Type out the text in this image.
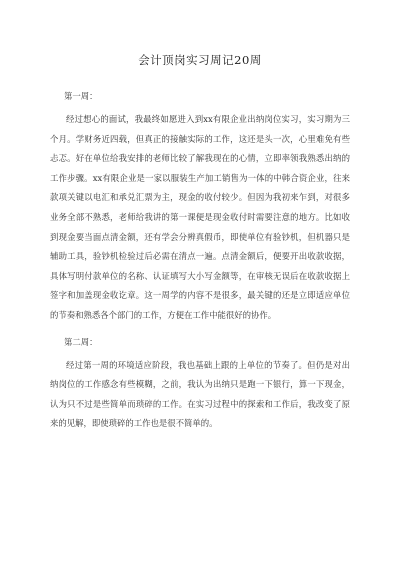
会计顶岗实习周记20周
第一周：

经过想心的面试，我最终如愿进入到xx有限企业出纳岗位实习，实习期为三个月。学财务近四载，但真正的接触实际的工作，这还是头一次，心里难免有些忐忑。好在单位给我安排的老师比较了解我现在的心情，立即率领我熟悉出纳的工作步骤。xx有限企业是一家以服装生产加工销售为一体的中韩合资企业，往来款项关键以电汇和承兑汇票为主，现金的收付较少。但因为我初来乍到，对很多业务全部不熟悉，老师给我讲的第一课便是现金收付时需要注意的地方。比如收到现金要当面点清金额，还有学会分辨真假币，即使单位有验钞机，但机器只是辅助工具，验钞机检验过后必需在清点一遍。点清金额后，便要开出收款收据，具体写明付款单位的名称、认证填写大小写金额等，在审核无误后在收款收据上签字和加盖现金收讫章。这一周学的内容不是很多，最关键的还是立即适应单位的节奏和熟悉各个部门的工作，方便在工作中能很好的协作。

第二周：

经过第一周的环境适应阶段，我也基础上跟的上单位的节奏了。但仍是对出纳岗位的工作感念有些模糊，之前，我认为出纳只是跑一下银行，算一下现金，认为只不过是些简单而琐碎的工作。在实习过程中的探索和工作后，我改变了原来的见解，即使琐碎的工作也是很不简单的。
